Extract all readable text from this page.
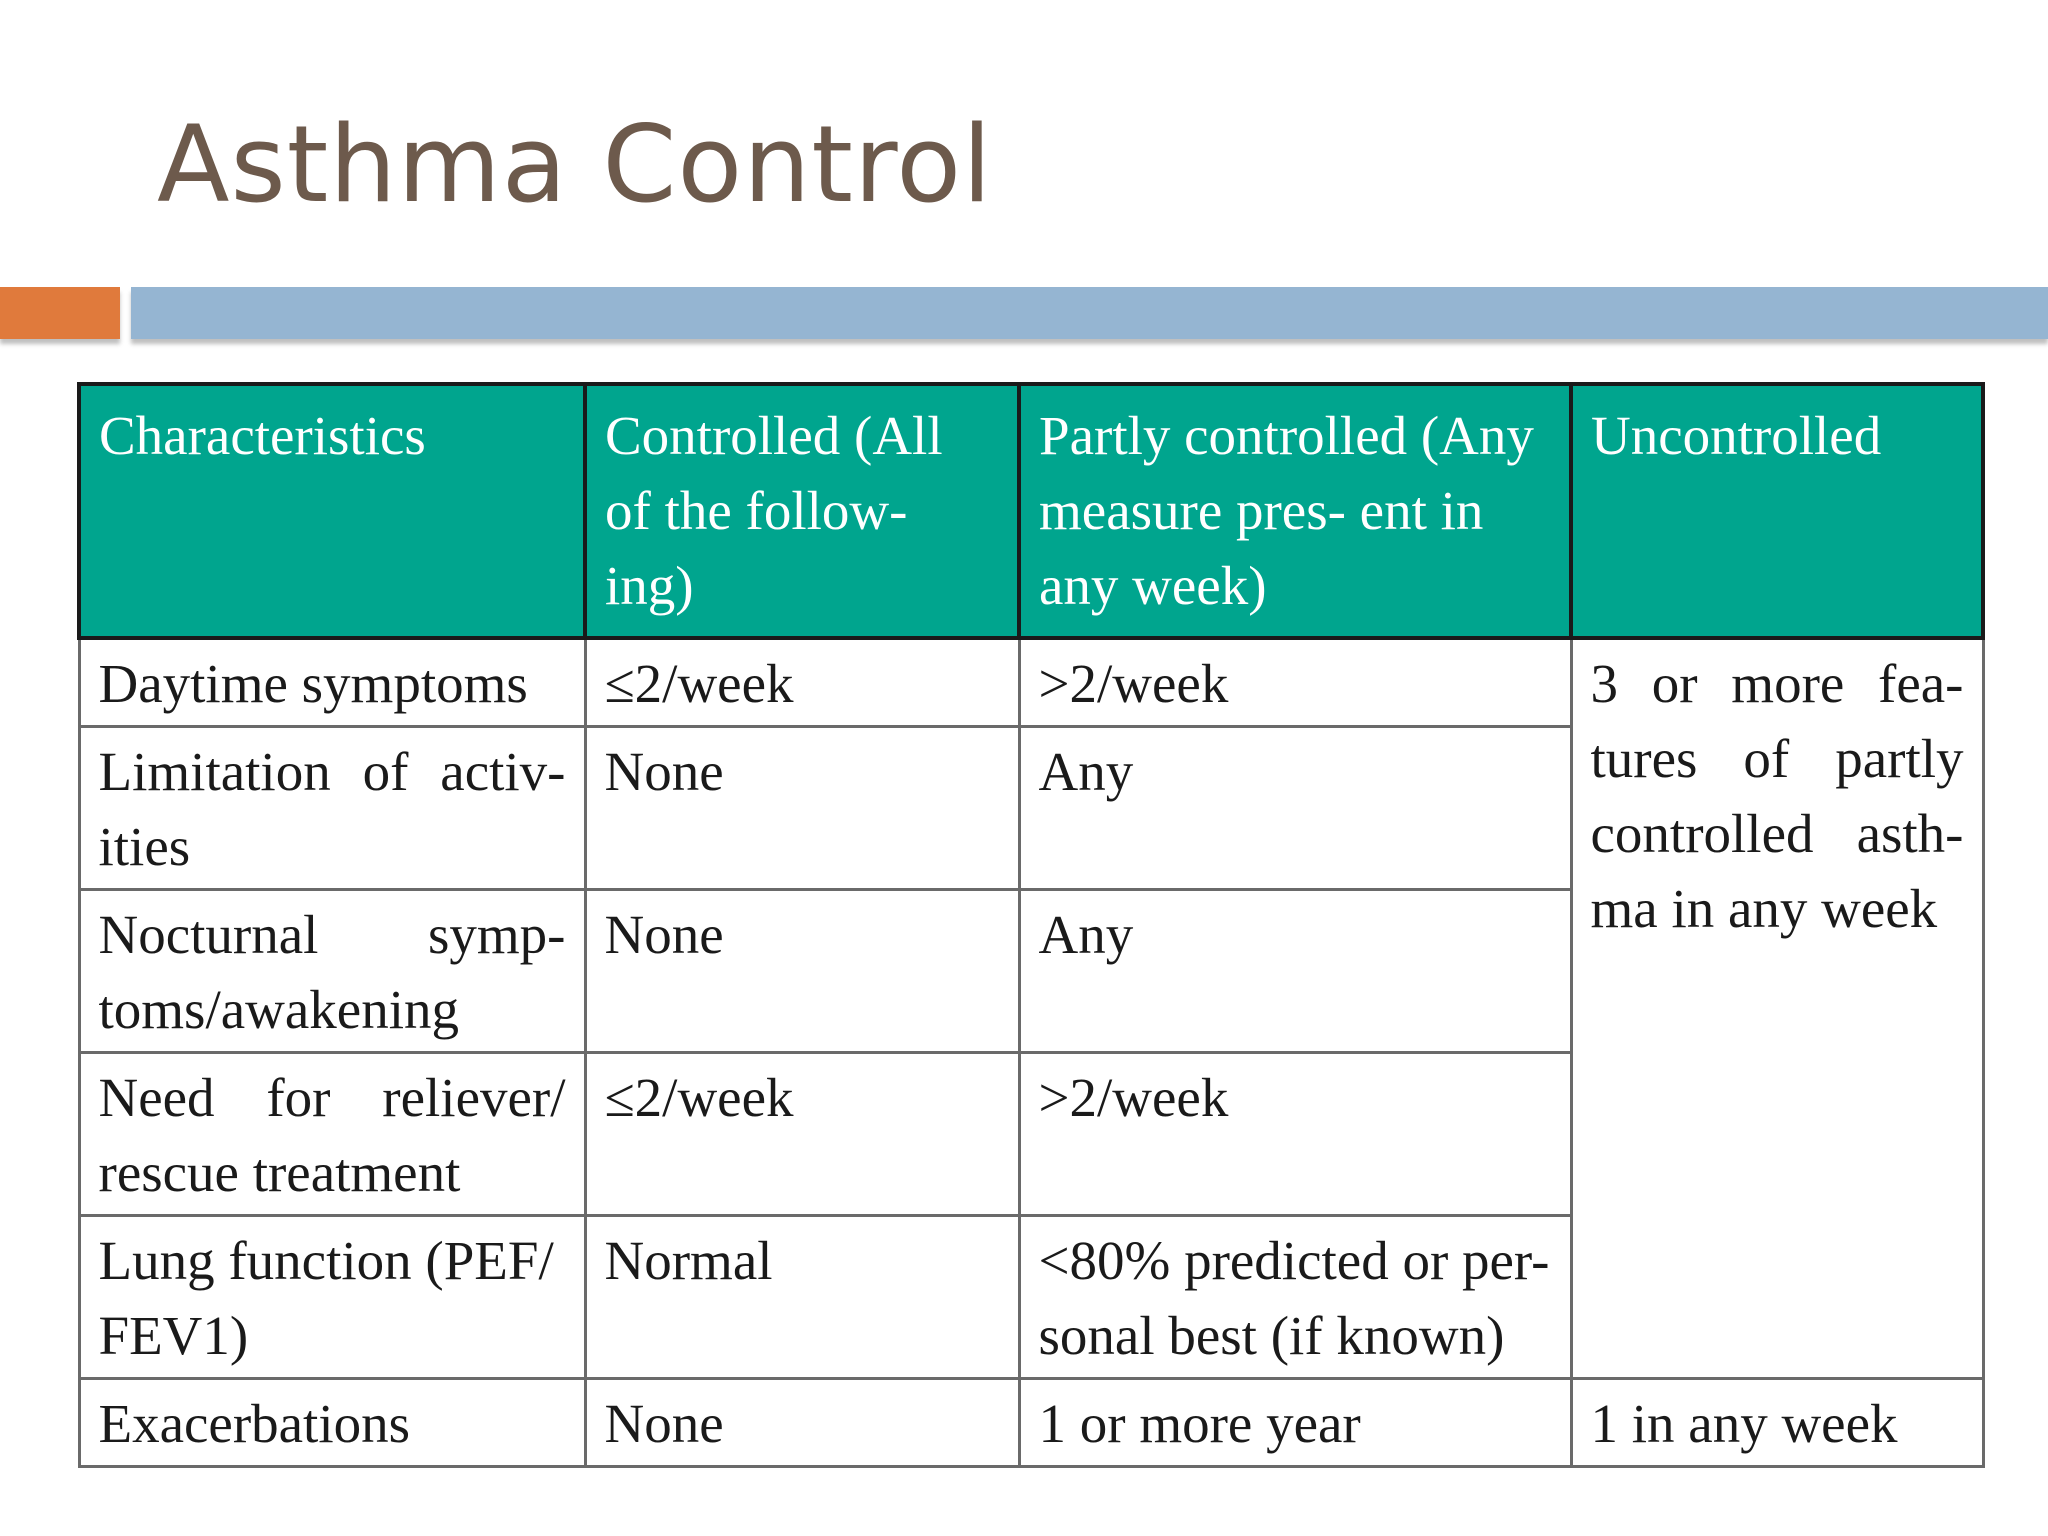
Asthma Control
Characteristics	Controlled (All of the follow- ing)	Partly controlled (Any measure pres- ent in any week)	Uncontrolled
Daytime symptoms	≤2/week	>2/week	3 or more fea- tures of partly controlled asth- ma in any week

Limitation of activ- ities	None	Any	
Nocturnal symp- toms/awakening	None	Any	
Need for reliever/ rescue treatment	≤2/week	>2/week	
Lung function (PEF/ FEV1)	Normal	<80% predicted or per- sonal best (if known)	
Exacerbations	None	1 or more year	1 in any week
